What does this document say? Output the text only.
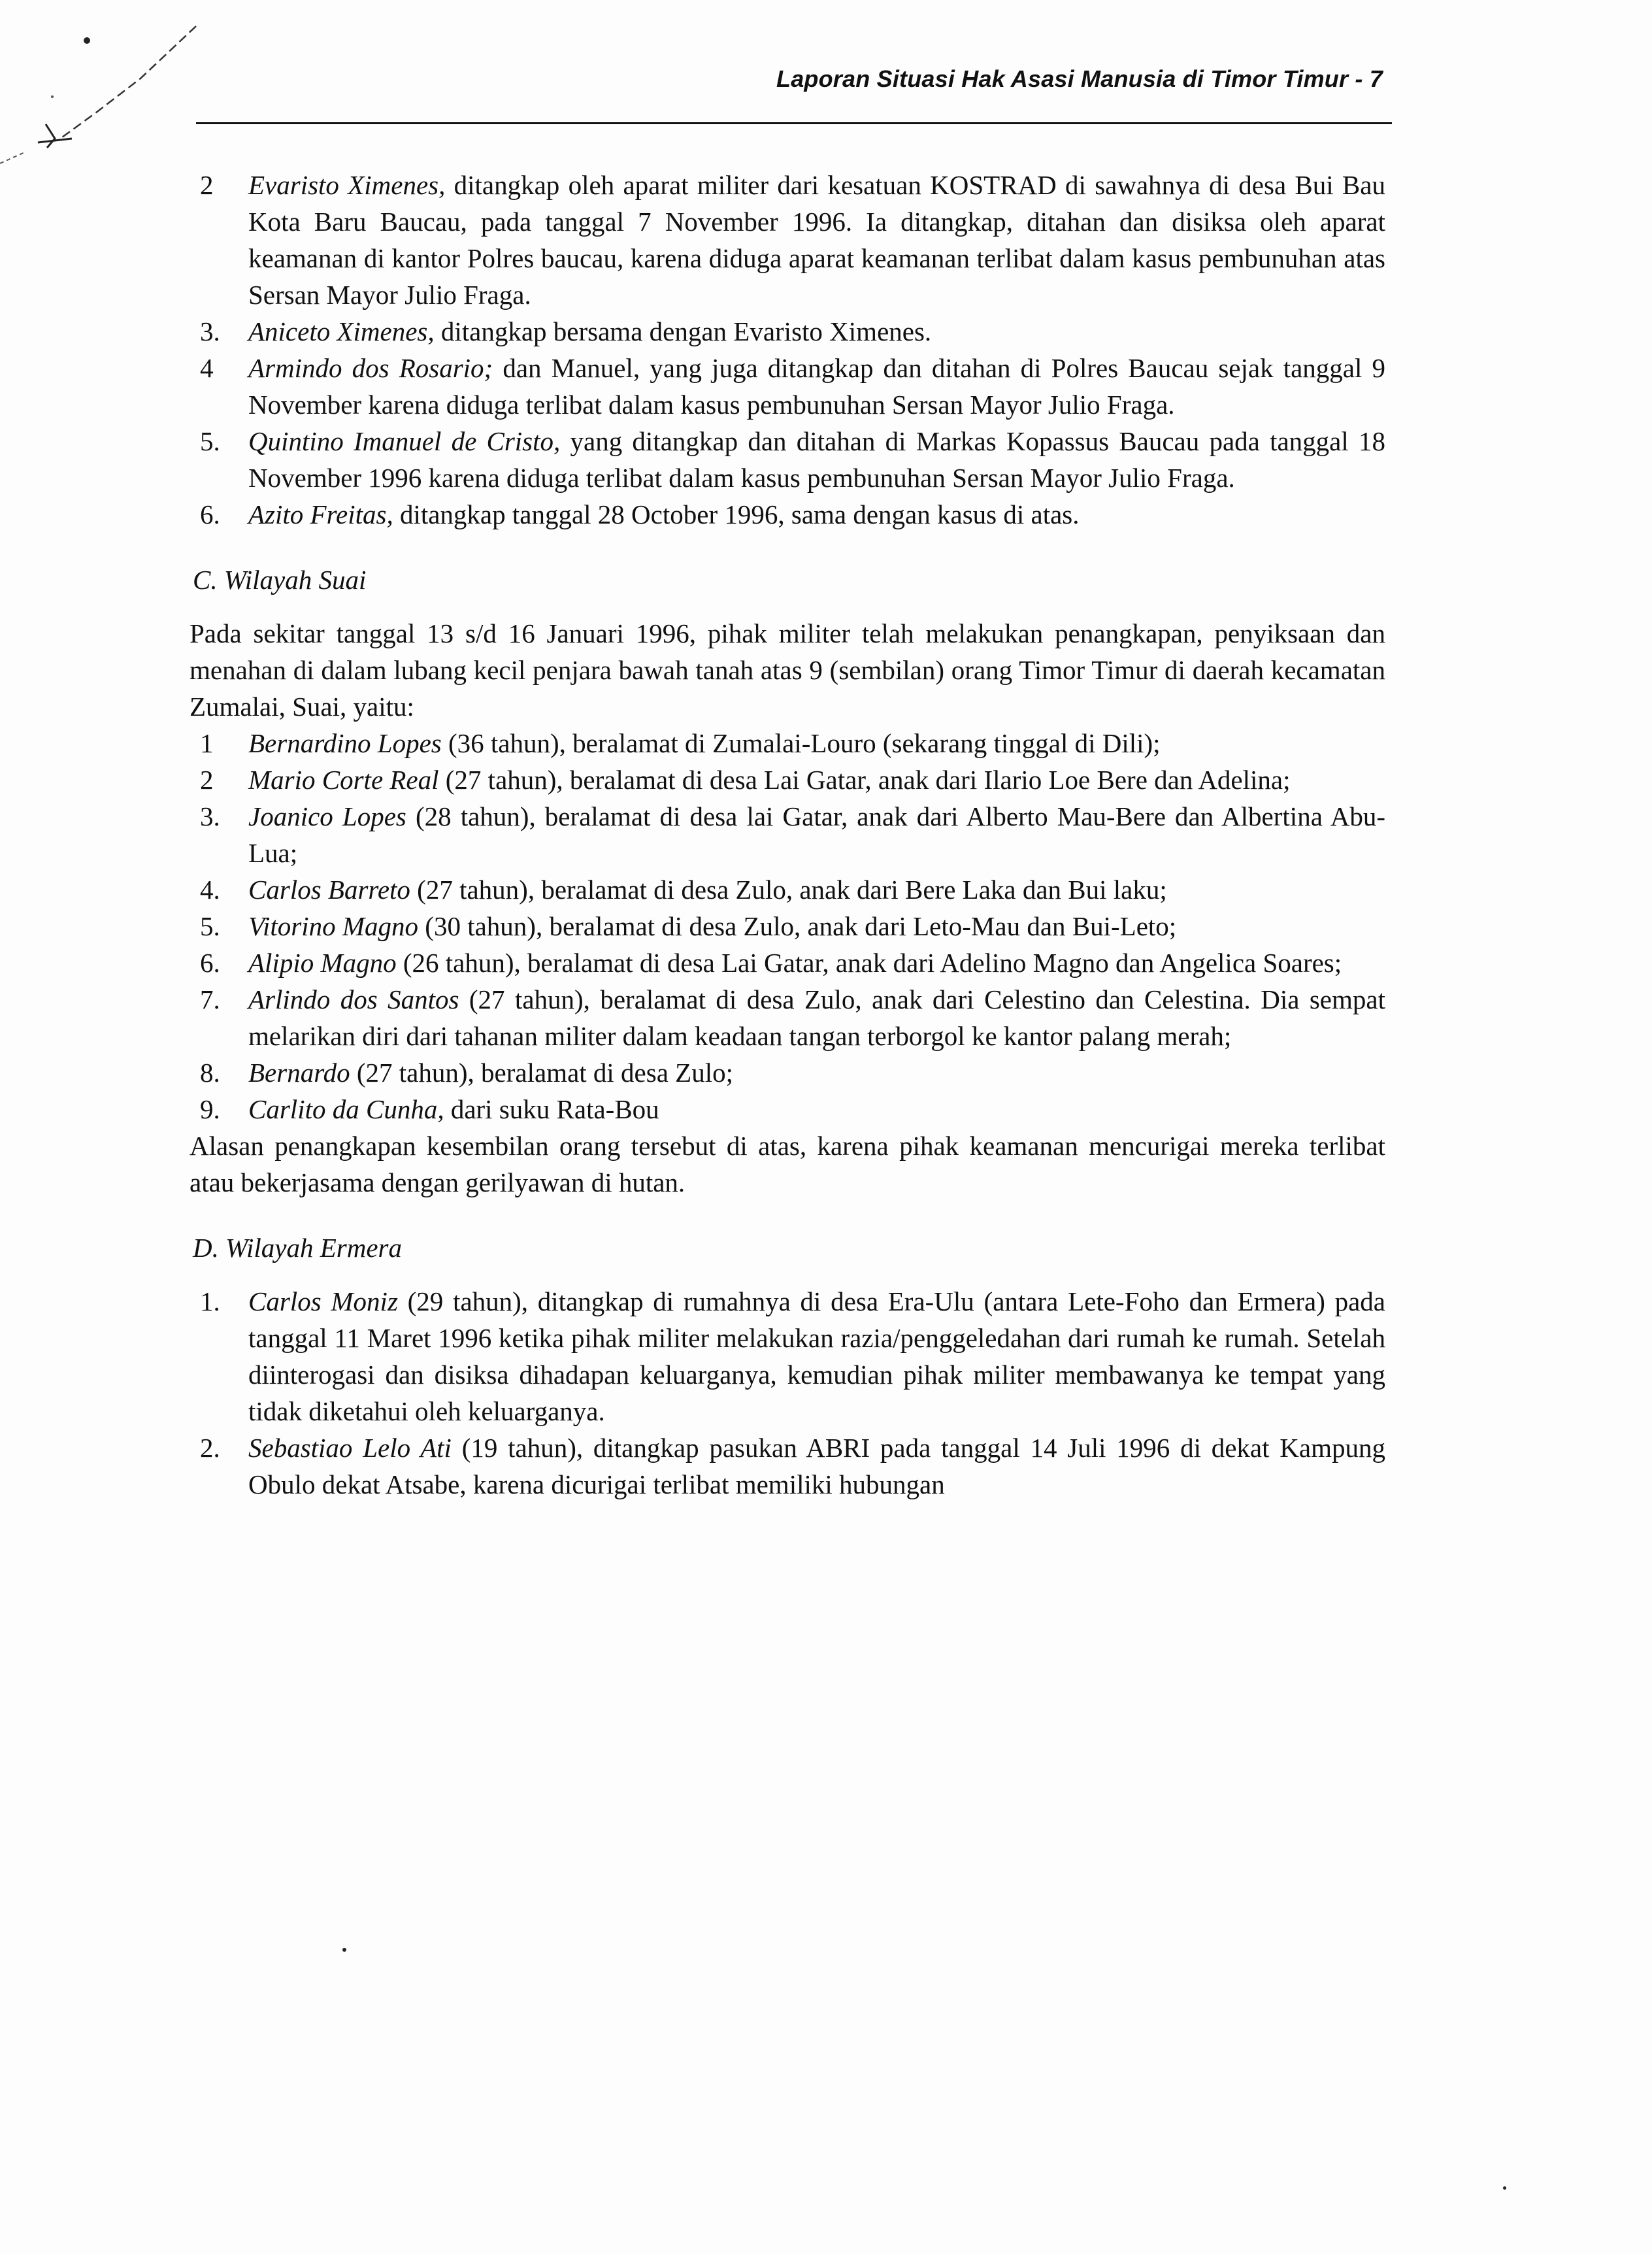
Laporan Situasi Hak Asasi Manusia di Timor Timur - 7
2 Evaristo Ximenes, ditangkap oleh aparat militer dari kesatuan KOSTRAD di sawahnya di desa Bui Bau Kota Baru Baucau, pada tanggal 7 November 1996. Ia ditangkap, ditahan dan disiksa oleh aparat keamanan di kantor Polres baucau, karena diduga aparat keamanan terlibat dalam kasus pembunuhan atas Sersan Mayor Julio Fraga.
3. Aniceto Ximenes, ditangkap bersama dengan Evaristo Ximenes.
4 Armindo dos Rosario; dan Manuel, yang juga ditangkap dan ditahan di Polres Baucau sejak tanggal 9 November karena diduga terlibat dalam kasus pembunuhan Sersan Mayor Julio Fraga.
5. Quintino Imanuel de Cristo, yang ditangkap dan ditahan di Markas Kopassus Baucau pada tanggal 18 November 1996 karena diduga terlibat dalam kasus pembunuhan Sersan Mayor Julio Fraga.
6. Azito Freitas, ditangkap tanggal 28 October 1996, sama dengan kasus di atas.
C. Wilayah Suai
Pada sekitar tanggal 13 s/d 16 Januari 1996, pihak militer telah melakukan penangkapan, penyiksaan dan menahan di dalam lubang kecil penjara bawah tanah atas 9 (sembilan) orang Timor Timur di daerah kecamatan Zumalai, Suai, yaitu:
1 Bernardino Lopes (36 tahun), beralamat di Zumalai-Louro (sekarang tinggal di Dili);
2 Mario Corte Real (27 tahun), beralamat di desa Lai Gatar, anak dari Ilario Loe Bere dan Adelina;
3. Joanico Lopes (28 tahun), beralamat di desa lai Gatar, anak dari Alberto Mau-Bere dan Albertina Abu-Lua;
4. Carlos Barreto (27 tahun), beralamat di desa Zulo, anak dari Bere Laka dan Bui laku;
5. Vitorino Magno (30 tahun), beralamat di desa Zulo, anak dari Leto-Mau dan Bui-Leto;
6. Alipio Magno (26 tahun), beralamat di desa Lai Gatar, anak dari Adelino Magno dan Angelica Soares;
7. Arlindo dos Santos (27 tahun), beralamat di desa Zulo, anak dari Celestino dan Celestina. Dia sempat melarikan diri dari tahanan militer dalam keadaan tangan terborgol ke kantor palang merah;
8. Bernardo (27 tahun), beralamat di desa Zulo;
9. Carlito da Cunha, dari suku Rata-Bou
Alasan penangkapan kesembilan orang tersebut di atas, karena pihak keamanan mencurigai mereka terlibat atau bekerjasama dengan gerilyawan di hutan.
D. Wilayah Ermera
1. Carlos Moniz (29 tahun), ditangkap di rumahnya di desa Era-Ulu (antara Lete-Foho dan Ermera) pada tanggal 11 Maret 1996 ketika pihak militer melakukan razia/penggeledahan dari rumah ke rumah. Setelah diinterogasi dan disiksa dihadapan keluarganya, kemudian pihak militer membawanya ke tempat yang tidak diketahui oleh keluarganya.
2. Sebastiao Lelo Ati (19 tahun), ditangkap pasukan ABRI pada tanggal 14 Juli 1996 di dekat Kampung Obulo dekat Atsabe, karena dicurigai terlibat memiliki hubungan
